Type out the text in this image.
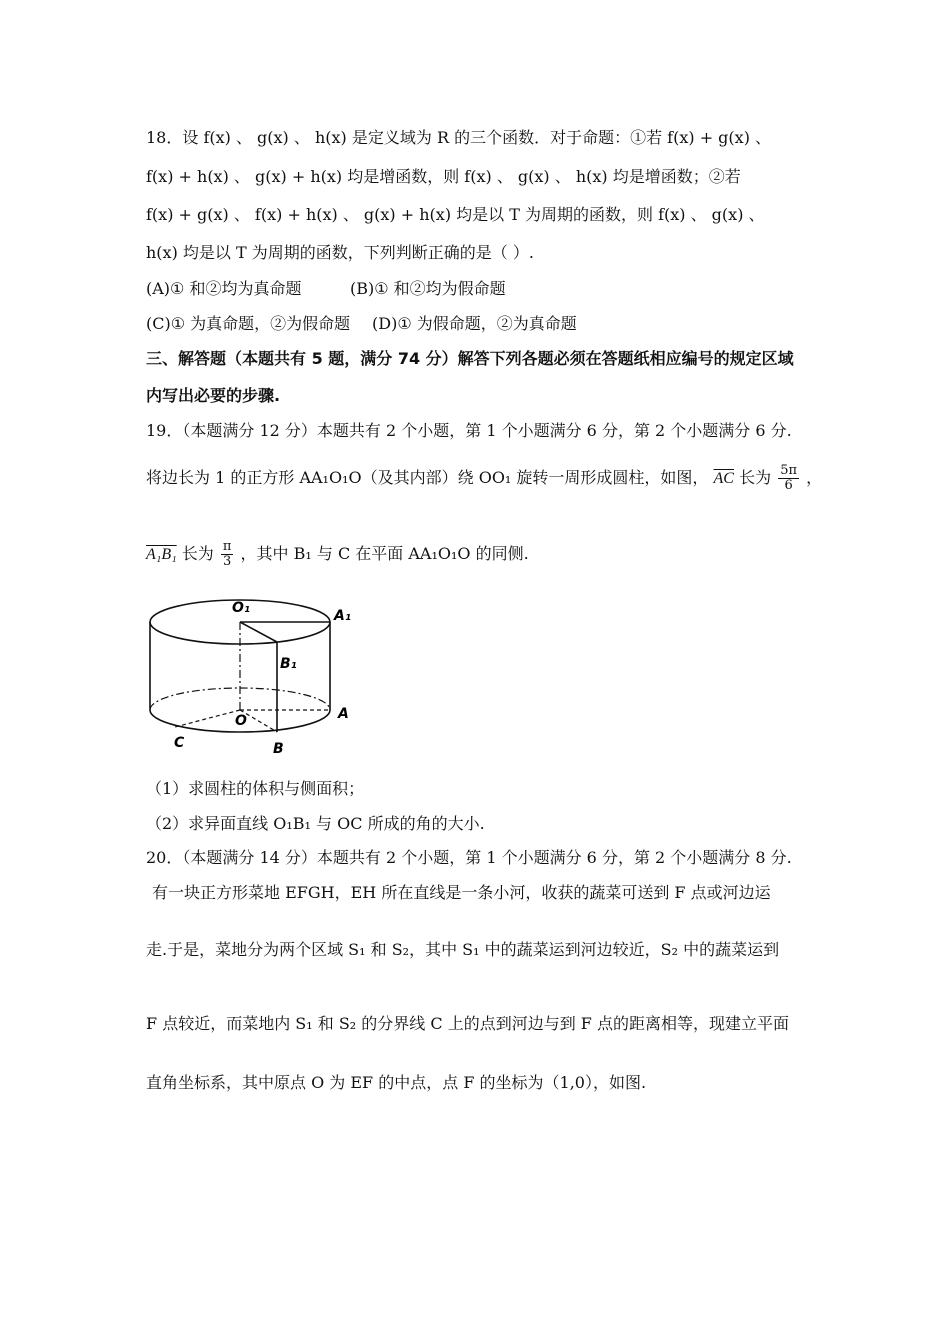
18．设 f(x) 、 g(x) 、 h(x) 是定义域为 R 的三个函数．对于命题：①若 f(x) + g(x) 、
f(x) + h(x) 、 g(x) + h(x) 均是增函数，则 f(x) 、 g(x) 、 h(x) 均是增函数；②若
f(x) + g(x) 、 f(x) + h(x) 、 g(x) + h(x) 均是以 T 为周期的函数，则 f(x) 、 g(x) 、
h(x) 均是以 T 为周期的函数，下列判断正确的是（ ）.
(A)① 和②均为真命题	(B)① 和②均为假命题
(C)① 为真命题，②为假命题 (D)① 为假命题，②为真命题
三、解答题（本题共有 5 题，满分 74 分）解答下列各题必须在答题纸相应编号的规定区域
内写出必要的步骤.
19．（本题满分 12 分）本题共有 2 个小题，第 1 个小题满分 6 分，第 2 个小题满分 6 分.
将边长为 1 的正方形 AA₁O₁O（及其内部）绕 OO₁ 旋转一周形成圆柱，如图， $\overline{AC}$ 长为 $\frac{5\pi}{6}$ ，
A₁B₁ 长为 $\frac{\pi}{3}$ ，其中 B₁ 与 C 在平面 AA₁O₁O 的同侧.
O₁	A₁
B₁
O	A
B
C
（1）求圆柱的体积与侧面积；
（2）求异面直线 O₁B₁ 与 OC 所成的角的大小.
20．（本题满分 14 分）本题共有 2 个小题，第 1 个小题满分 6 分，第 2 个小题满分 8 分.
有一块正方形菜地 EFGH，EH 所在直线是一条小河，收获的蔬菜可送到 F 点或河边运
走.于是，菜地分为两个区域 S₁ 和 S₂，其中 S₁ 中的蔬菜运到河边较近，S₂ 中的蔬菜运到
F 点较近，而菜地内 S₁ 和 S₂ 的分界线 C 上的点到河边与到 F 点的距离相等，现建立平面
直角坐标系，其中原点 O 为 EF 的中点，点 F 的坐标为（1,0），如图.
